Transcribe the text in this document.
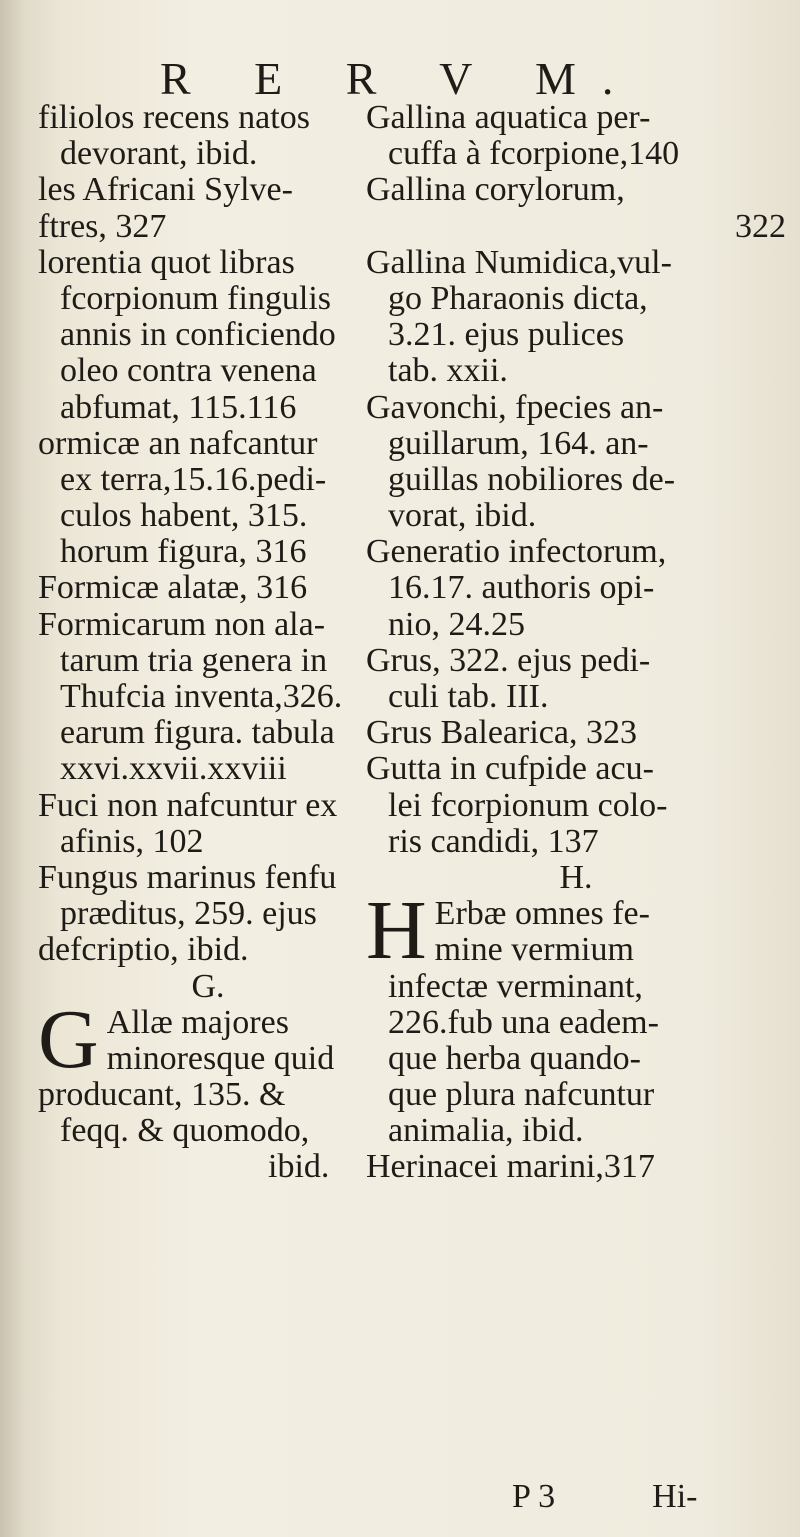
R E R V M.
filiolos recens natos
devorant, ibid.
les Africani Sylve-
ftres, 327
lorentia quot libras
fcorpionum fingulis
annis in conficiendo
oleo contra venena
abfumat, 115.116
ormicæ an nafcantur
ex terra,15.16.pedi-
culos habent, 315.
horum figura, 316
Formicæ alatæ, 316
Formicarum non ala-
tarum tria genera in
Thufcia inventa,326.
earum figura. tabula
xxvi.xxvii.xxviii
Fuci non nafcuntur ex
afinis, 102
Fungus marinus fenfu
præditus, 259. ejus
defcriptio, ibid.
G.
G Allæ majores
minoresque quid
producant, 135. &
feqq. & quomodo,
ibid.
Gallina aquatica per-
cuffa à fcorpione,140
Gallina corylorum,
322
Gallina Numidica,vul-
go Pharaonis dicta,
3.21. ejus pulices
tab. xxii.
Gavonchi, fpecies an-
guillarum, 164. an-
guillas nobiliores de-
vorat, ibid.
Generatio infectorum,
16.17. authoris opi-
nio, 24.25
Grus, 322. ejus pedi-
culi tab. III.
Grus Balearica, 323
Gutta in cufpide acu-
lei fcorpionum colo-
ris candidi, 137
H.
H Erbæ omnes fe-
mine vermium
infectæ verminant,
226.fub una eadem-
que herba quando-
que plura nafcuntur
animalia, ibid.
Herinacei marini,317
P 3	Hi-
